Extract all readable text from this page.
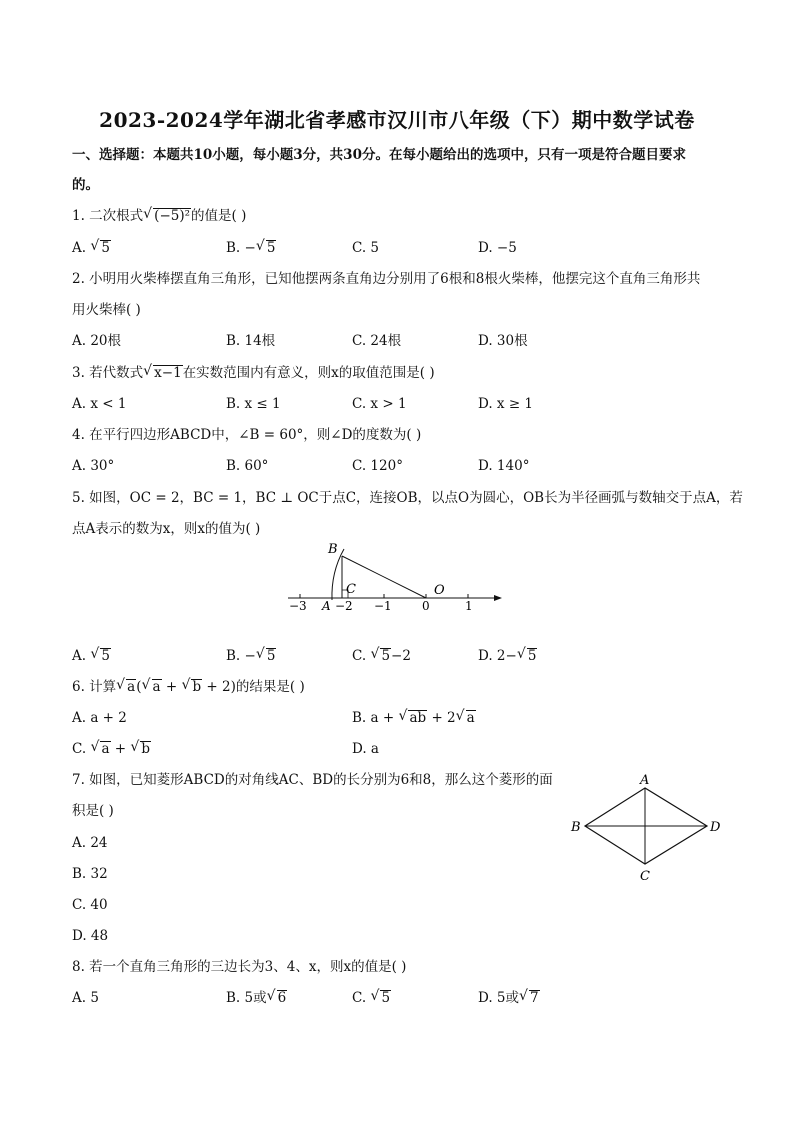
2023-2024学年湖北省孝感市汉川市八年级（下）期中数学试卷
一、选择题：本题共10小题，每小题3分，共30分。在每小题给出的选项中，只有一项是符合题目要求
的。
1. 二次根式 √ (−5)²的值是( )
A. √ 5	B. − √ 5	C. 5	D. −5
2. 小明用火柴棒摆直角三角形，已知他摆两条直角边分别用了6根和8根火柴棒，他摆完这个直角三角形共
用火柴棒( )
A. 20根	B. 14根	C. 24根	D. 30根
3. 若代数式 √ x−1在实数范围内有意义，则x的取值范围是( )
A. x < 1	B. x ≤ 1	C. x > 1	D. x ≥ 1
4. 在平行四边形ABCD中，∠B = 60°，则∠D的度数为( )
A. 30°	B. 60°	C. 120°	D. 140°
5. 如图，OC = 2，BC = 1，BC ⊥ OC于点C，连接OB，以点O为圆心，OB长为半径画弧与数轴交于点A，若
点A表示的数为x，则x的值为( )
B
C	O
A
−3 −2 −1	0	1
A. √ 5	B. − √ 5	C. √ 5−2	D. 2− √ 5
6. 计算 √ a( √ a + √ b + 2)的结果是( )
A. a + 2	B. a + √ ab + 2 √ a
C. √ a + √ b	D. a
7. 如图，已知菱形ABCD的对角线AC、BD的长分别为6和8，那么这个菱形的面
积是( )
A. 24
B. 32
C. 40
D. 48
A
B
C
D
8. 若一个直角三角形的三边长为3、4、x，则x的值是( )
A. 5	B. 5或 √ 6	C. √ 5	D. 5或 √ 7
